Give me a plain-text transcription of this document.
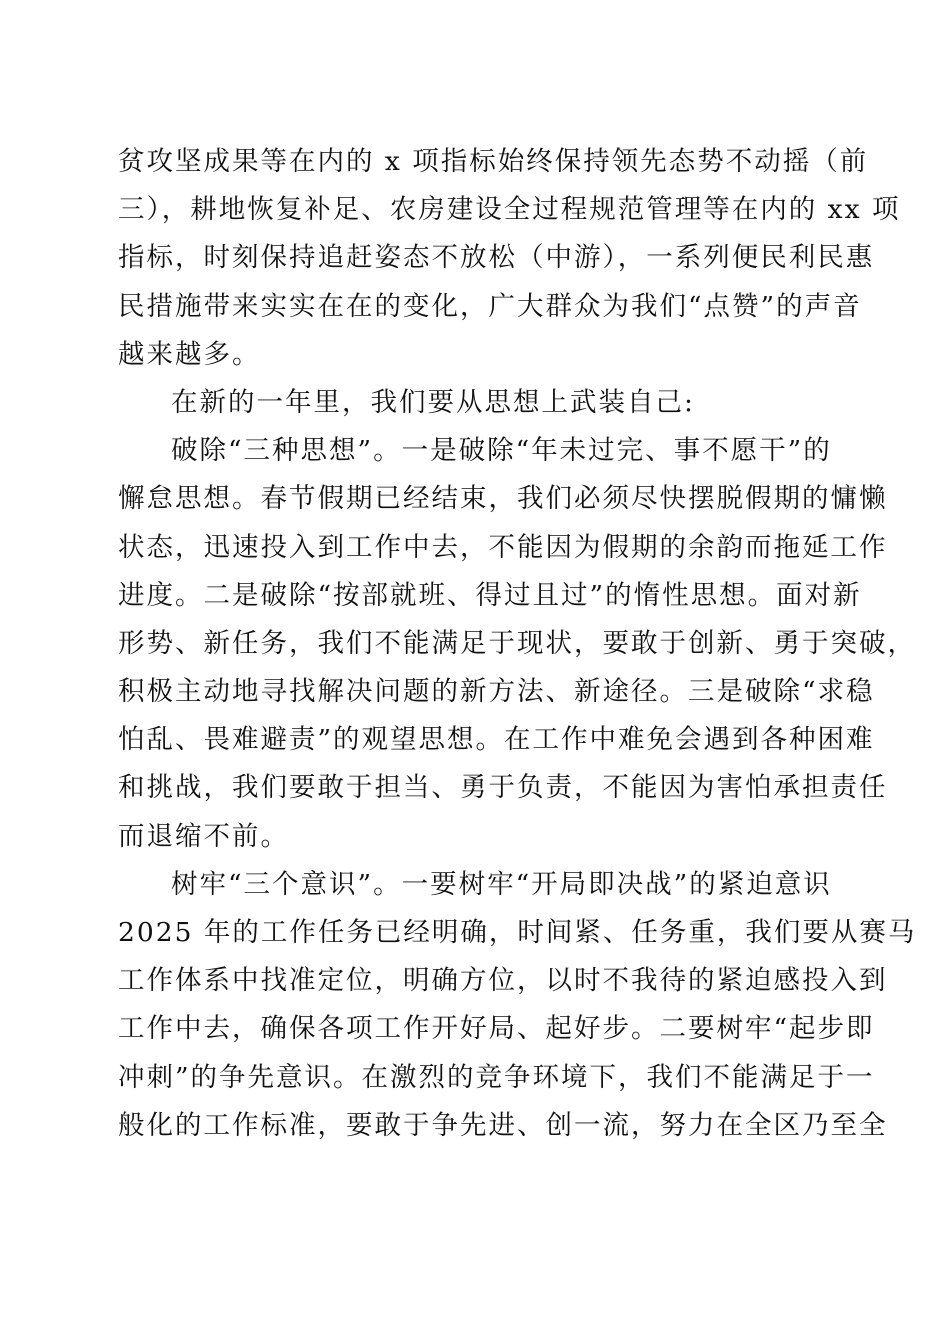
贫攻坚成果等在内的 x 项指标始终保持领先态势不动摇（前
三），耕地恢复补足、农房建设全过程规范管理等在内的 xx 项
指标，时刻保持追赶姿态不放松（中游），一系列便民利民惠
民措施带来实实在在的变化，广大群众为我们“点赞”的声音
越来越多。
在新的一年里，我们要从思想上武装自己:
破除“三种思想”。一是破除“年未过完、事不愿干”的
懈怠思想。春节假期已经结束，我们必须尽快摆脱假期的慵懒
状态，迅速投入到工作中去，不能因为假期的余韵而拖延工作
进度。二是破除“按部就班、得过且过”的惰性思想。面对新
形势、新任务，我们不能满足于现状，要敢于创新、勇于突破，
积极主动地寻找解决问题的新方法、新途径。三是破除“求稳
怕乱、畏难避责”的观望思想。在工作中难免会遇到各种困难
和挑战，我们要敢于担当、勇于负责，不能因为害怕承担责任
而退缩不前。
树牢“三个意识”。一要树牢“开局即决战”的紧迫意识
2025 年的工作任务已经明确，时间紧、任务重，我们要从赛马
工作体系中找准定位，明确方位，以时不我待的紧迫感投入到
工作中去，确保各项工作开好局、起好步。二要树牢“起步即
冲刺”的争先意识。在激烈的竞争环境下，我们不能满足于一
般化的工作标准，要敢于争先进、创一流，努力在全区乃至全
